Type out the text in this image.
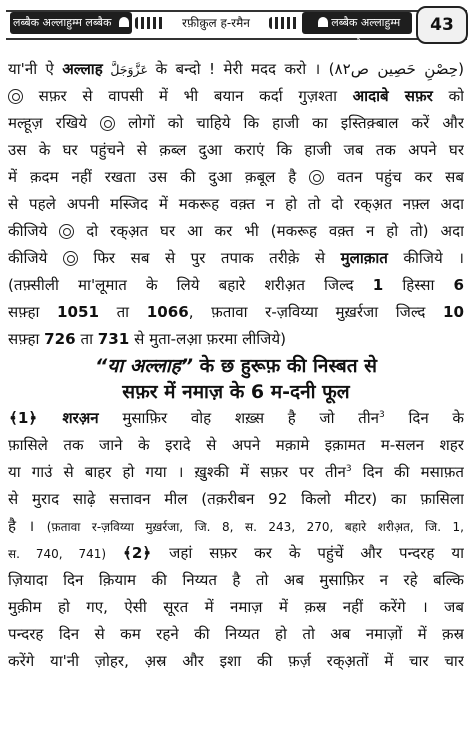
लब्बैक अल्लाहुम्म लब्बैक	रफ़ीक़ुल ह-रमैन	लब्बैक अल्लाहुम्म लब्बैक
43
या'नी ऐ अल्लाह عَزَّوَجَلَّ के बन्दो ! मेरी मदद करो । (حِصْنِ حَصِين ص٨٢)
सफ़र से वापसी में भी बयान कर्दा गुज़श्ता आदाबे सफ़र को
मल्हूज़ रखिये  लोगों को चाहिये कि हाजी का इस्तिक़्बाल करें और
उस के घर पहुंचने से क़ब्ल दुआ कराएं कि हाजी जब तक अपने घर
में क़दम नहीं रखता उस की दुआ क़बूल है  वतन पहुंच कर सब
से पहले अपनी मस्जिद में मकरूह वक़्त न हो तो दो रक्अ़त नफ़्ल अदा
कीजिये  दो रक्अ़त घर आ कर भी (मकरूह वक़्त न हो तो) अदा
कीजिये  फिर सब से पुर तपाक तरीक़े से मुलाक़ात कीजिये ।
(तफ़्सीली मा'लूमात के लिये बहारे शरीअ़त जिल्द 1 हिस्सा 6
सफ़्हा 1051 ता 1066, फ़तावा र-ज़विय्या मुख़र्रजा जिल्द 10
सफ़्हा 726 ता 731 से मुता-लआ़ फ़रमा लीजिये)
“या अल्लाह” के छ हुरूफ़ की निस्बत से
सफ़र में नमाज़ के 6 म-दनी फूल
﴾1﴿ शरअ़न मुसाफ़िर वोह शख़्स है जो तीन$^3$ दिन के
फ़ासिले तक जाने के इरादे से अपने मक़ामे इक़ामत म-सलन शहर
या गाउं से बाहर हो गया । ख़ुश्की में सफ़र पर तीन$^3$ दिन की मसाफ़त
से मुराद साढ़े सत्तावन मील (तक़रीबन 92 किलो मीटर) का फ़ासिला
है । (फ़तावा र-ज़विय्या मुख़र्रजा, जि. 8, स. 243, 270, बहारे शरीअ़त, जि. 1,
स. 740, 741) ﴾2﴿ जहां सफ़र कर के पहुंचें और पन्दरह या
ज़ियादा दिन क़ियाम की निय्यत है तो अब मुसाफ़िर न रहे बल्कि
मुक़ीम हो गए, ऐसी सूरत में नमाज़ में क़स्र नहीं करेंगे । जब
पन्दरह दिन से कम रहने की निय्यत हो तो अब नमाज़ों में क़स्र
करेंगे या'नी ज़ोहर, अ़स्र और इशा की फ़र्ज़ रक्अ़तों में चार चार
